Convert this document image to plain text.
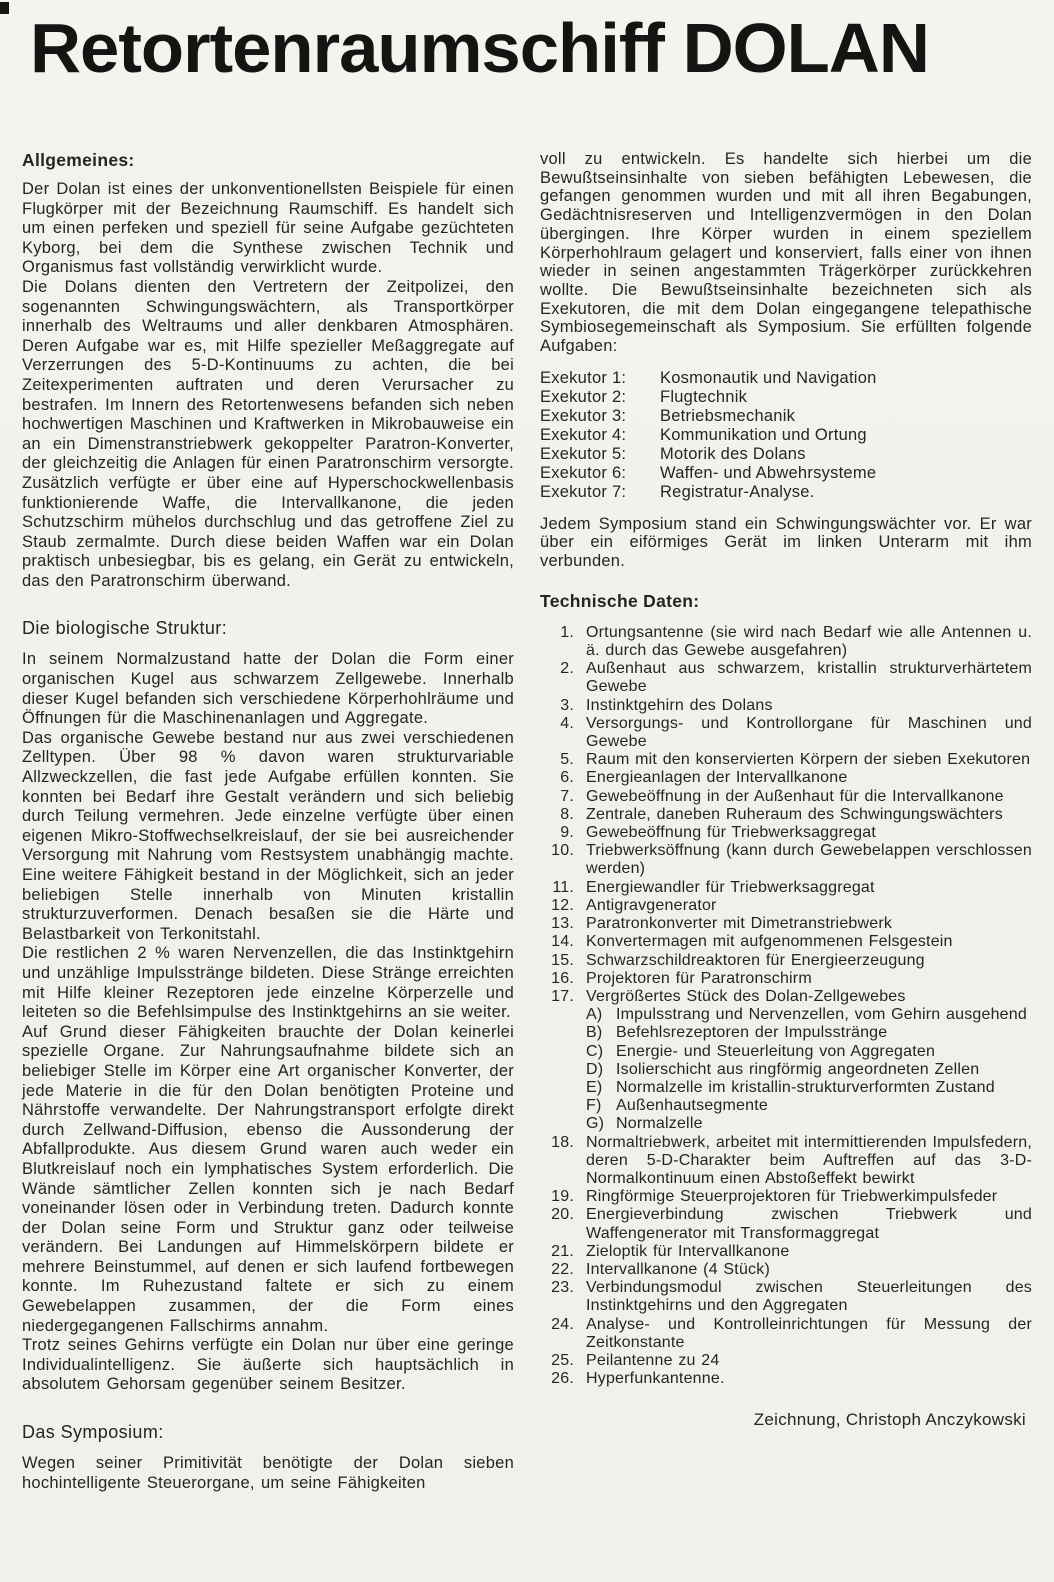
Retortenraumschiff DOLAN
Allgemeines:

Der Dolan ist eines der unkonventionellsten Beispiele für einen Flugkörper mit der Bezeichnung Raumschiff. Es handelt sich um einen perfeken und speziell für seine Aufgabe gezüchteten Kyborg, bei dem die Synthese zwischen Technik und Organismus fast vollständig verwirklicht wurde.

Die Dolans dienten den Vertretern der Zeitpolizei, den sogenannten Schwingungswächtern, als Transportkörper innerhalb des Weltraums und aller denkbaren Atmosphären. Deren Aufgabe war es, mit Hilfe spezieller Meßaggregate auf Verzerrungen des 5-D-Kontinuums zu achten, die bei Zeitexperimenten auftraten und deren Verursacher zu bestrafen. Im Innern des Retortenwesens befanden sich neben hochwertigen Maschinen und Kraftwerken in Mikrobauweise ein an ein Dimenstranstriebwerk gekoppelter Paratron-Konverter, der gleichzeitig die Anlagen für einen Paratronschirm versorgte. Zusätzlich verfügte er über eine auf Hyperschockwellenbasis funktionierende Waffe, die Intervallkanone, die jeden Schutzschirm mühelos durchschlug und das getroffene Ziel zu Staub zermalmte. Durch diese beiden Waffen war ein Dolan praktisch unbesiegbar, bis es gelang, ein Gerät zu entwickeln, das den Paratronschirm überwand.

Die biologische Struktur:

In seinem Normalzustand hatte der Dolan die Form einer organischen Kugel aus schwarzem Zellgewebe. Innerhalb dieser Kugel befanden sich verschiedene Körperhohlräume und Öffnungen für die Maschinenanlagen und Aggregate.

Das organische Gewebe bestand nur aus zwei verschiedenen Zelltypen. Über 98 % davon waren strukturvariable Allzweckzellen, die fast jede Aufgabe erfüllen konnten. Sie konnten bei Bedarf ihre Gestalt verändern und sich beliebig durch Teilung vermehren. Jede einzelne verfügte über einen eigenen Mikro-Stoffwechselkreislauf, der sie bei ausreichender Versorgung mit Nahrung vom Restsystem unabhängig machte. Eine weitere Fähigkeit bestand in der Möglichkeit, sich an jeder beliebigen Stelle innerhalb von Minuten kristallin strukturzuverformen. Denach besaßen sie die Härte und Belastbarkeit von Terkonitstahl.

Die restlichen 2 % waren Nervenzellen, die das Instinktgehirn und unzählige Impulsstränge bildeten. Diese Stränge erreichten mit Hilfe kleiner Rezeptoren jede einzelne Körperzelle und leiteten so die Befehlsimpulse des Instinktgehirns an sie weiter.

Auf Grund dieser Fähigkeiten brauchte der Dolan keinerlei spezielle Organe. Zur Nahrungsaufnahme bildete sich an beliebiger Stelle im Körper eine Art organischer Konverter, der jede Materie in die für den Dolan benötigten Proteine und Nährstoffe verwandelte. Der Nahrungstransport erfolgte direkt durch Zellwand-Diffusion, ebenso die Aussonderung der Abfallprodukte. Aus diesem Grund waren auch weder ein Blutkreislauf noch ein lymphatisches System erforderlich. Die Wände sämtlicher Zellen konnten sich je nach Bedarf voneinander lösen oder in Verbindung treten. Dadurch konnte der Dolan seine Form und Struktur ganz oder teilweise verändern. Bei Landungen auf Himmelskörpern bildete er mehrere Beinstummel, auf denen er sich laufend fortbewegen konnte. Im Ruhezustand faltete er sich zu einem Gewebelappen zusammen, der die Form eines niedergegangenen Fallschirms annahm.

Trotz seines Gehirns verfügte ein Dolan nur über eine geringe Individualintelligenz. Sie äußerte sich hauptsächlich in absolutem Gehorsam gegenüber seinem Besitzer.

Das Symposium:

Wegen seiner Primitivität benötigte der Dolan sieben hochintelligente Steuerorgane, um seine Fähigkeiten

voll zu entwickeln. Es handelte sich hierbei um die Bewußtseinsinhalte von sieben befähigten Lebewesen, die gefangen genommen wurden und mit all ihren Begabungen, Gedächtnisreserven und Intelligenzvermögen in den Dolan übergingen. Ihre Körper wurden in einem speziellem Körperhohlraum gelagert und konserviert, falls einer von ihnen wieder in seinen angestammten Trägerkörper zurückkehren wollte. Die Bewußtseinsinhalte bezeichneten sich als Exekutoren, die mit dem Dolan eingegangene telepathische Symbiosegemeinschaft als Symposium. Sie erfüllten folgende Aufgaben:

Exekutor 1:	Kosmonautik und Navigation
Exekutor 2:	Flugtechnik
Exekutor 3:	Betriebsmechanik
Exekutor 4:	Kommunikation und Ortung
Exekutor 5:	Motorik des Dolans
Exekutor 6:	Waffen- und Abwehrsysteme
Exekutor 7:	Registratur-Analyse.

Jedem Symposium stand ein Schwingungswächter vor. Er war über ein eiförmiges Gerät im linken Unterarm mit ihm verbunden.

Technische Daten:
1. Ortungsantenne (sie wird nach Bedarf wie alle Antennen u. ä. durch das Gewebe ausgefahren)
2. Außenhaut aus schwarzem, kristallin strukturverhärtetem Gewebe
3. Instinktgehirn des Dolans
4. Versorgungs- und Kontrollorgane für Maschinen und Gewebe
5. Raum mit den konservierten Körpern der sieben Exekutoren
6. Energieanlagen der Intervallkanone
7. Gewebeöffnung in der Außenhaut für die Intervallkanone
8. Zentrale, daneben Ruheraum des Schwingungswächters
9. Gewebeöffnung für Triebwerksaggregat
10. Triebwerksöffnung (kann durch Gewebelappen verschlossen werden)
11. Energiewandler für Triebwerksaggregat
12. Antigravgenerator
13. Paratronkonverter mit Dimetranstriebwerk
14. Konvertermagen mit aufgenommenen Felsgestein
15. Schwarzschildreaktoren für Energieerzeugung
16. Projektoren für Paratronschirm
17. Vergrößertes Stück des Dolan-Zellgewebes
A) Impulsstrang und Nervenzellen, vom Gehirn ausgehend
B) Befehlsrezeptoren der Impulsstränge
C) Energie- und Steuerleitung von Aggregaten
D) Isolierschicht aus ringförmig angeordneten Zellen
E) Normalzelle im kristallin-strukturverformten Zustand
F) Außenhautsegmente
G) Normalzelle
18. Normaltriebwerk, arbeitet mit intermittierenden Impulsfedern, deren 5-D-Charakter beim Auftreffen auf das 3-D-Normalkontinuum einen Abstoßeffekt bewirkt
19. Ringförmige Steuerprojektoren für Triebwerkimpulsfeder
20. Energieverbindung zwischen Triebwerk und Waffengenerator mit Transformaggregat
21. Zieloptik für Intervallkanone
22. Intervallkanone (4 Stück)
23. Verbindungsmodul zwischen Steuerleitungen des Instinktgehirns und den Aggregaten
24. Analyse- und Kontrolleinrichtungen für Messung der Zeitkonstante
25. Peilantenne zu 24
26. Hyperfunkantenne.
Zeichnung, Christoph Anczykowski
